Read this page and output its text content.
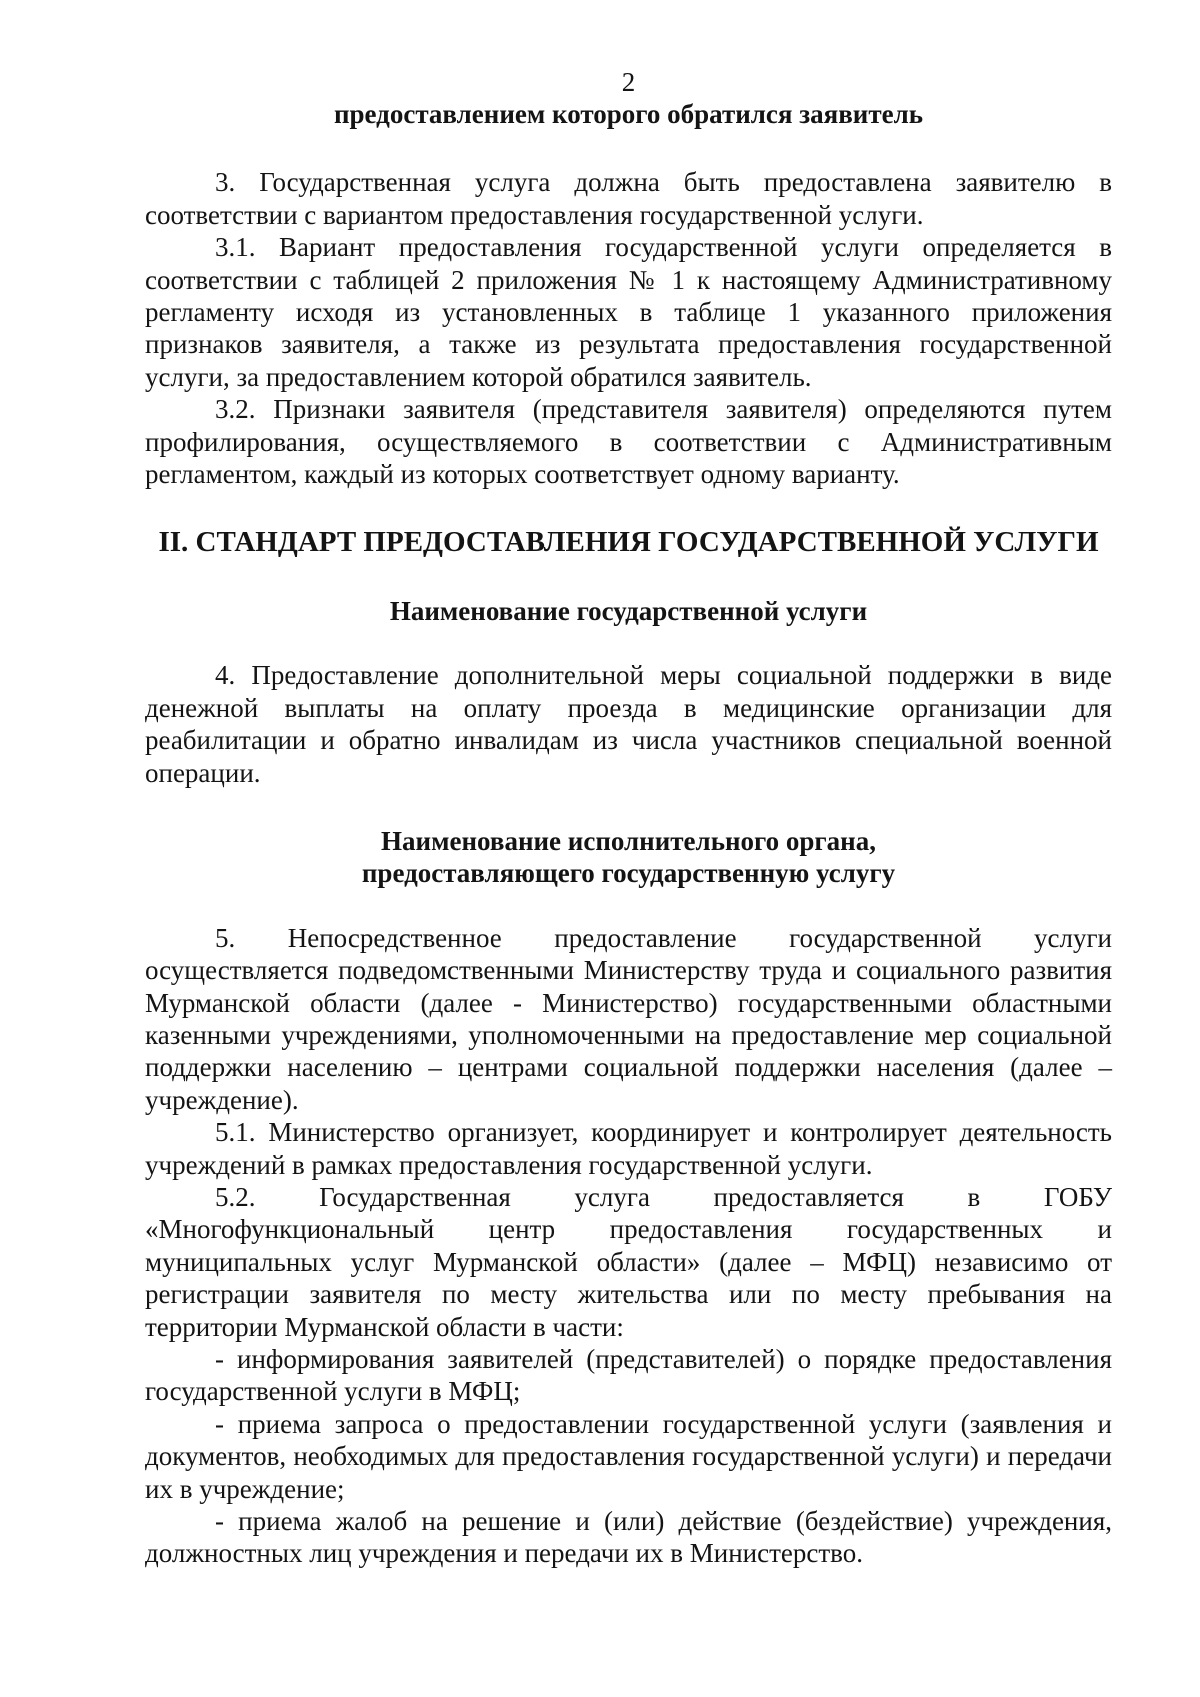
2
предоставлением которого обратился заявитель

3. Государственная услуга должна быть предоставлена заявителю в соответствии с вариантом предоставления государственной услуги.

3.1. Вариант предоставления государственной услуги определяется в соответствии с таблицей 2 приложения № 1 к настоящему Административному регламенту исходя из установленных в таблице 1 указанного приложения признаков заявителя, а также из результата предоставления государственной услуги, за предоставлением которой обратился заявитель.

3.2. Признаки заявителя (представителя заявителя) определяются путем профилирования, осуществляемого в соответствии с Административным регламентом, каждый из которых соответствует одному варианту.

II. СТАНДАРТ ПРЕДОСТАВЛЕНИЯ ГОСУДАРСТВЕННОЙ УСЛУГИ
Наименование государственной услуги

4. Предоставление дополнительной меры социальной поддержки в виде денежной выплаты на оплату проезда в медицинские организации для реабилитации и обратно инвалидам из числа участников специальной военной операции.

Наименование исполнительного органа,
предоставляющего государственную услугу

5. Непосредственное предоставление государственной услуги осуществляется подведомственными Министерству труда и социального развития Мурманской области (далее - Министерство) государственными областными казенными учреждениями, уполномоченными на предоставление мер социальной поддержки населению – центрами социальной поддержки населения (далее – учреждение).

5.1. Министерство организует, координирует и контролирует деятельность учреждений в рамках предоставления государственной услуги.

5.2. Государственная услуга предоставляется в ГОБУ «Многофункциональный центр предоставления государственных и муниципальных услуг Мурманской области» (далее – МФЦ) независимо от регистрации заявителя по месту жительства или по месту пребывания на территории Мурманской области в части:

- информирования заявителей (представителей) о порядке предоставления государственной услуги в МФЦ;

- приема запроса о предоставлении государственной услуги (заявления и документов, необходимых для предоставления государственной услуги) и передачи их в учреждение;

- приема жалоб на решение и (или) действие (бездействие) учреждения, должностных лиц учреждения и передачи их в Министерство.
